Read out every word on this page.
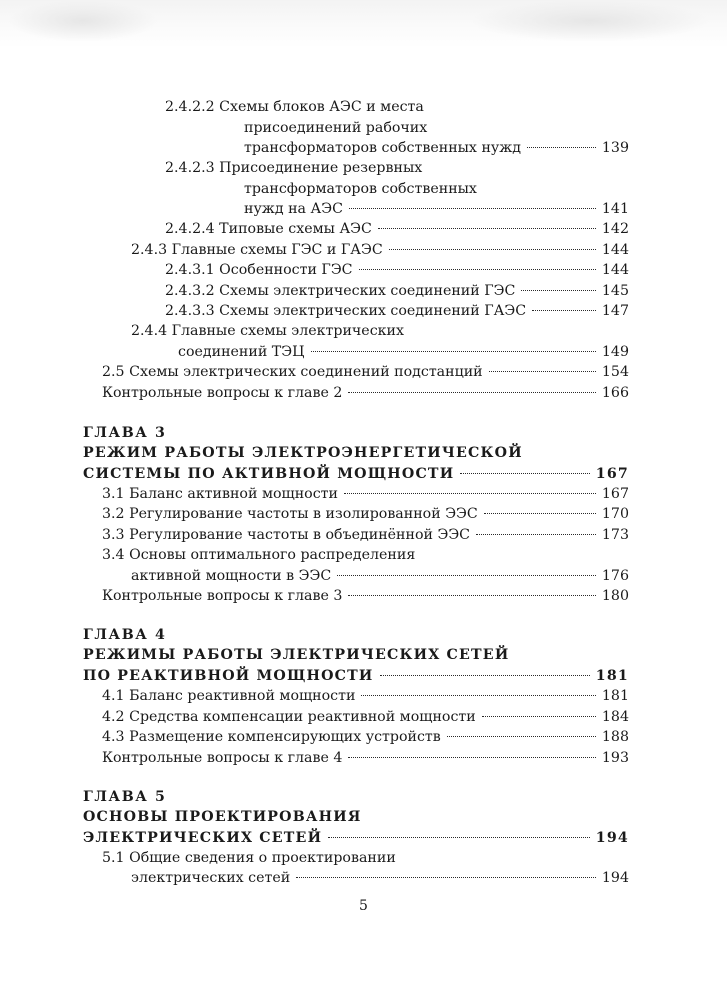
2.4.2.2 Схемы блоков АЭС и места
присоединений рабочих
трансформаторов собственных нужд	139
2.4.2.3 Присоединение резервных
трансформаторов собственных
нужд на АЭС	141
2.4.2.4 Типовые схемы АЭС	142
2.4.3 Главные схемы ГЭС и ГАЭС	144
2.4.3.1 Особенности ГЭС	144
2.4.3.2 Схемы электрических соединений ГЭС	145
2.4.3.3 Схемы электрических соединений ГАЭС	147
2.4.4 Главные схемы электрических
соединений ТЭЦ	149
2.5 Схемы электрических соединений подстанций	154
Контрольные вопросы к главе 2	166
ГЛАВА 3
РЕЖИМ РАБОТЫ ЭЛЕКТРОЭНЕРГЕТИЧЕСКОЙ
СИСТЕМЫ ПО АКТИВНОЙ МОЩНОСТИ	167
3.1 Баланс активной мощности	167
3.2 Регулирование частоты в изолированной ЭЭС	170
3.3 Регулирование частоты в объединённой ЭЭС	173
3.4 Основы оптимального распределения
активной мощности в ЭЭС	176
Контрольные вопросы к главе 3	180
ГЛАВА 4
РЕЖИМЫ РАБОТЫ ЭЛЕКТРИЧЕСКИХ СЕТЕЙ
ПО РЕАКТИВНОЙ МОЩНОСТИ	181
4.1 Баланс реактивной мощности	181
4.2 Средства компенсации реактивной мощности	184
4.3 Размещение компенсирующих устройств	188
Контрольные вопросы к главе 4	193
ГЛАВА 5
ОСНОВЫ ПРОЕКТИРОВАНИЯ
ЭЛЕКТРИЧЕСКИХ СЕТЕЙ	194
5.1 Общие сведения о проектировании
электрических сетей	194
5
